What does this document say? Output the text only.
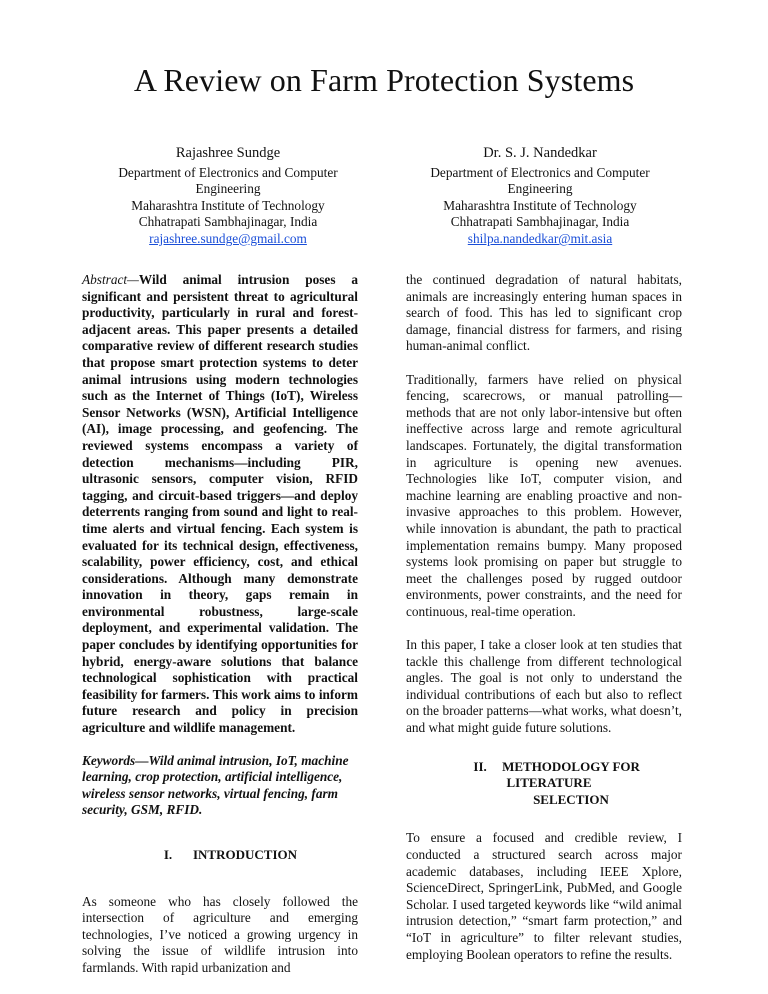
A Review on Farm Protection Systems
Rajashree Sundge
Department of Electronics and Computer
Engineering
Maharashtra Institute of Technology
Chhatrapati Sambhajinagar, India
rajashree.sundge@gmail.com
Dr. S. J. Nandedkar
Department of Electronics and Computer
Engineering
Maharashtra Institute of Technology
Chhatrapati Sambhajinagar, India
shilpa.nandedkar@mit.asia

Abstract—Wild animal intrusion poses a significant and persistent threat to agricultural productivity, particularly in rural and forest-adjacent areas. This paper presents a detailed comparative review of different research studies that propose smart protection systems to deter animal intrusions using modern technologies such as the Internet of Things (IoT), Wireless Sensor Networks (WSN), Artificial Intelligence (AI), image processing, and geofencing. The reviewed systems encompass a variety of detection mechanisms—including PIR, ultrasonic sensors, computer vision, RFID tagging, and circuit-based triggers—and deploy deterrents ranging from sound and light to real-time alerts and virtual fencing. Each system is evaluated for its technical design, effectiveness, scalability, power efficiency, cost, and ethical considerations. Although many demonstrate innovation in theory, gaps remain in environmental robustness, large-scale deployment, and experimental validation. The paper concludes by identifying opportunities for hybrid, energy-aware solutions that balance technological sophistication with practical feasibility for farmers. This work aims to inform future research and policy in precision agriculture and wildlife management.

Keywords—Wild animal intrusion, IoT, machine learning, crop protection, artificial intelligence, wireless sensor networks, virtual fencing, farm security, GSM, RFID.

I. INTRODUCTION

As someone who has closely followed the intersection of agriculture and emerging technologies, I’ve noticed a growing urgency in solving the issue of wildlife intrusion into farmlands. With rapid urbanization and

the continued degradation of natural habitats, animals are increasingly entering human spaces in search of food. This has led to significant crop damage, financial distress for farmers, and rising human-animal conflict.

Traditionally, farmers have relied on physical fencing, scarecrows, or manual patrolling—methods that are not only labor-intensive but often ineffective across large and remote agricultural landscapes. Fortunately, the digital transformation in agriculture is opening new avenues. Technologies like IoT, computer vision, and machine learning are enabling proactive and non-invasive approaches to this problem. However, while innovation is abundant, the path to practical implementation remains bumpy. Many proposed systems look promising on paper but struggle to meet the challenges posed by rugged outdoor environments, power constraints, and the need for continuous, real-time operation.

In this paper, I take a closer look at ten studies that tackle this challenge from different technological angles. The goal is not only to understand the individual contributions of each but also to reflect on the broader patterns—what works, what doesn’t, and what might guide future solutions.

II. METHODOLOGY FOR LITERATURE
SELECTION

To ensure a focused and credible review, I conducted a structured search across major academic databases, including IEEE Xplore, ScienceDirect, SpringerLink, PubMed, and Google Scholar. I used targeted keywords like “wild animal intrusion detection,” “smart farm protection,” and “IoT in agriculture” to filter relevant studies, employing Boolean operators to refine the results.
